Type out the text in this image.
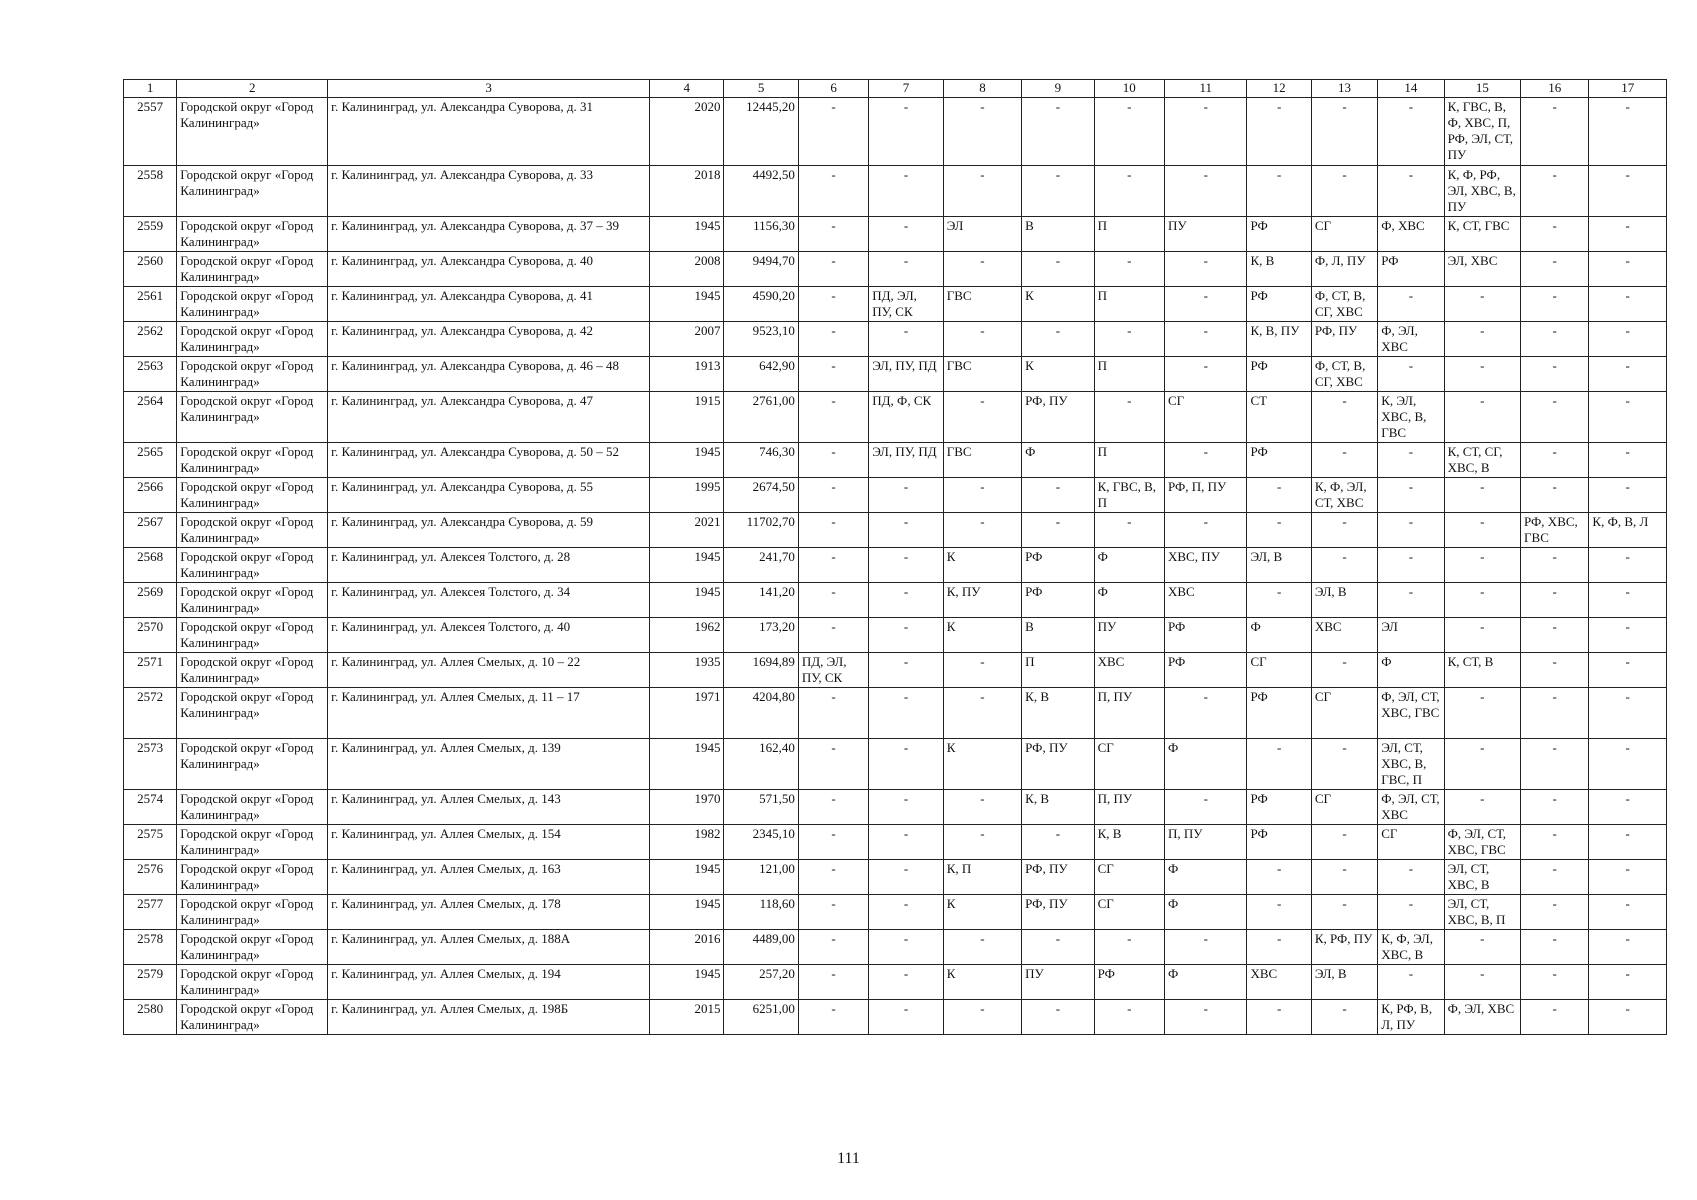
1	2	3	4	5	6	7	8	9	10	11	12	13	14	15	16	17
2557	Городской округ «Город Калининград»	г. Калининград, ул. Александра Суворова, д. 31	2020	12445,20	-	-	-	-	-	-	-	-	-	К, ГВС, В, Ф, ХВС, П, РФ, ЭЛ, СТ, ПУ	-	-
2558	Городской округ «Город Калининград»	г. Калининград, ул. Александра Суворова, д. 33	2018	4492,50	-	-	-	-	-	-	-	-	-	К, Ф, РФ, ЭЛ, ХВС, В, ПУ	-	-
2559	Городской округ «Город Калининград»	г. Калининград, ул. Александра Суворова, д. 37 – 39	1945	1156,30	-	-	ЭЛ	В	П	ПУ	РФ	СГ	Ф, ХВС	К, СТ, ГВС	-	-
2560	Городской округ «Город Калининград»	г. Калининград, ул. Александра Суворова, д. 40	2008	9494,70	-	-	-	-	-	-	К, В	Ф, Л, ПУ	РФ	ЭЛ, ХВС	-	-
2561	Городской округ «Город Калининград»	г. Калининград, ул. Александра Суворова, д. 41	1945	4590,20	-	ПД, ЭЛ, ПУ, СК	ГВС	К	П	-	РФ	Ф, СТ, В, СГ, ХВС	-	-	-	-
2562	Городской округ «Город Калининград»	г. Калининград, ул. Александра Суворова, д. 42	2007	9523,10	-	-	-	-	-	-	К, В, ПУ	РФ, ПУ	Ф, ЭЛ, ХВС	-	-	-
2563	Городской округ «Город Калининград»	г. Калининград, ул. Александра Суворова, д. 46 – 48	1913	642,90	-	ЭЛ, ПУ, ПД	ГВС	К	П	-	РФ	Ф, СТ, В, СГ, ХВС	-	-	-	-
2564	Городской округ «Город Калининград»	г. Калининград, ул. Александра Суворова, д. 47	1915	2761,00	-	ПД, Ф, СК	-	РФ, ПУ	-	СГ	СТ	-	К, ЭЛ, ХВС, В, ГВС	-	-	-
2565	Городской округ «Город Калининград»	г. Калининград, ул. Александра Суворова, д. 50 – 52	1945	746,30	-	ЭЛ, ПУ, ПД	ГВС	Ф	П	-	РФ	-	-	К, СТ, СГ, ХВС, В	-	-
2566	Городской округ «Город Калининград»	г. Калининград, ул. Александра Суворова, д. 55	1995	2674,50	-	-	-	-	К, ГВС, В, П	РФ, П, ПУ	-	К, Ф, ЭЛ, СТ, ХВС	-	-	-	-
2567	Городской округ «Город Калининград»	г. Калининград, ул. Александра Суворова, д. 59	2021	11702,70	-	-	-	-	-	-	-	-	-	-	РФ, ХВС, ГВС	К, Ф, В, Л
2568	Городской округ «Город Калининград»	г. Калининград, ул. Алексея Толстого, д. 28	1945	241,70	-	-	К	РФ	Ф	ХВС, ПУ	ЭЛ, В	-	-	-	-	-
2569	Городской округ «Город Калининград»	г. Калининград, ул. Алексея Толстого, д. 34	1945	141,20	-	-	К, ПУ	РФ	Ф	ХВС	-	ЭЛ, В	-	-	-	-
2570	Городской округ «Город Калининград»	г. Калининград, ул. Алексея Толстого, д. 40	1962	173,20	-	-	К	В	ПУ	РФ	Ф	ХВС	ЭЛ	-	-	-
2571	Городской округ «Город Калининград»	г. Калининград, ул. Аллея Смелых, д. 10 – 22	1935	1694,89	ПД, ЭЛ, ПУ, СК	-	-	П	ХВС	РФ	СГ	-	Ф	К, СТ, В	-	-
2572	Городской округ «Город Калининград»	г. Калининград, ул. Аллея Смелых, д. 11 – 17	1971	4204,80	-	-	-	К, В	П, ПУ	-	РФ	СГ	Ф, ЭЛ, СТ, ХВС, ГВС	-	-	-
2573	Городской округ «Город Калининград»	г. Калининград, ул. Аллея Смелых, д. 139	1945	162,40	-	-	К	РФ, ПУ	СГ	Ф	-	-	ЭЛ, СТ, ХВС, В, ГВС, П	-	-	-
2574	Городской округ «Город Калининград»	г. Калининград, ул. Аллея Смелых, д. 143	1970	571,50	-	-	-	К, В	П, ПУ	-	РФ	СГ	Ф, ЭЛ, СТ, ХВС	-	-	-
2575	Городской округ «Город Калининград»	г. Калининград, ул. Аллея Смелых, д. 154	1982	2345,10	-	-	-	-	К, В	П, ПУ	РФ	-	СГ	Ф, ЭЛ, СТ, ХВС, ГВС	-	-
2576	Городской округ «Город Калининград»	г. Калининград, ул. Аллея Смелых, д. 163	1945	121,00	-	-	К, П	РФ, ПУ	СГ	Ф	-	-	-	ЭЛ, СТ, ХВС, В	-	-
2577	Городской округ «Город Калининград»	г. Калининград, ул. Аллея Смелых, д. 178	1945	118,60	-	-	К	РФ, ПУ	СГ	Ф	-	-	-	ЭЛ, СТ, ХВС, В, П	-	-
2578	Городской округ «Город Калининград»	г. Калининград, ул. Аллея Смелых, д. 188А	2016	4489,00	-	-	-	-	-	-	-	К, РФ, ПУ	К, Ф, ЭЛ, ХВС, В	-	-	-
2579	Городской округ «Город Калининград»	г. Калининград, ул. Аллея Смелых, д. 194	1945	257,20	-	-	К	ПУ	РФ	Ф	ХВС	ЭЛ, В	-	-	-	-
2580	Городской округ «Город Калининград»	г. Калининград, ул. Аллея Смелых, д. 198Б	2015	6251,00	-	-	-	-	-	-	-	-	К, РФ, В, Л, ПУ	Ф, ЭЛ, ХВС	-	-
111
